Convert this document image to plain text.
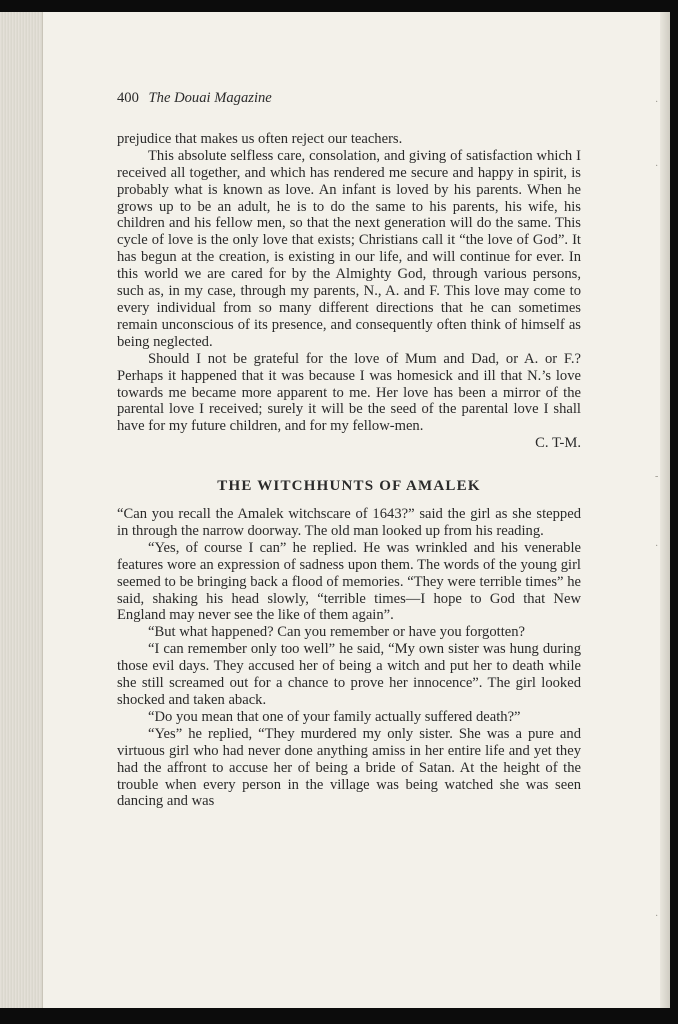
·
·
-
·
·
400 The Douai Magazine

prejudice that makes us often reject our teachers.

This absolute selfless care, consolation, and giving of satisfaction which I received all together, and which has rendered me secure and happy in spirit, is probably what is known as love. An infant is loved by his parents. When he grows up to be an adult, he is to do the same to his parents, his wife, his children and his fellow men, so that the next generation will do the same. This cycle of love is the only love that exists; Christians call it “the love of God”. It has begun at the creation, is existing in our life, and will continue for ever. In this world we are cared for by the Almighty God, through various persons, such as, in my case, through my parents, N., A. and F. This love may come to every individual from so many different directions that he can sometimes remain unconscious of its presence, and consequently often think of himself as being neglected.

Should I not be grateful for the love of Mum and Dad, or A. or F.? Perhaps it happened that it was because I was homesick and ill that N.’s love towards me became more apparent to me. Her love has been a mirror of the parental love I received; surely it will be the seed of the parental love I shall have for my future children, and for my fellow-men.

C. T-M.

THE WITCHHUNTS OF AMALEK

“Can you recall the Amalek witchscare of 1643?” said the girl as she stepped in through the narrow doorway. The old man looked up from his reading.

“Yes, of course I can” he replied. He was wrinkled and his venerable features wore an expression of sadness upon them. The words of the young girl seemed to be bringing back a flood of memories. “They were terrible times” he said, shaking his head slowly, “terrible times—I hope to God that New England may never see the like of them again”.

“But what happened? Can you remember or have you forgotten?

“I can remember only too well” he said, “My own sister was hung during those evil days. They accused her of being a witch and put her to death while she still screamed out for a chance to prove her innocence”. The girl looked shocked and taken aback.

“Do you mean that one of your family actually suffered death?”

“Yes” he replied, “They murdered my only sister. She was a pure and virtuous girl who had never done anything amiss in her entire life and yet they had the affront to accuse her of being a bride of Satan. At the height of the trouble when every person in the village was being watched she was seen dancing and was
